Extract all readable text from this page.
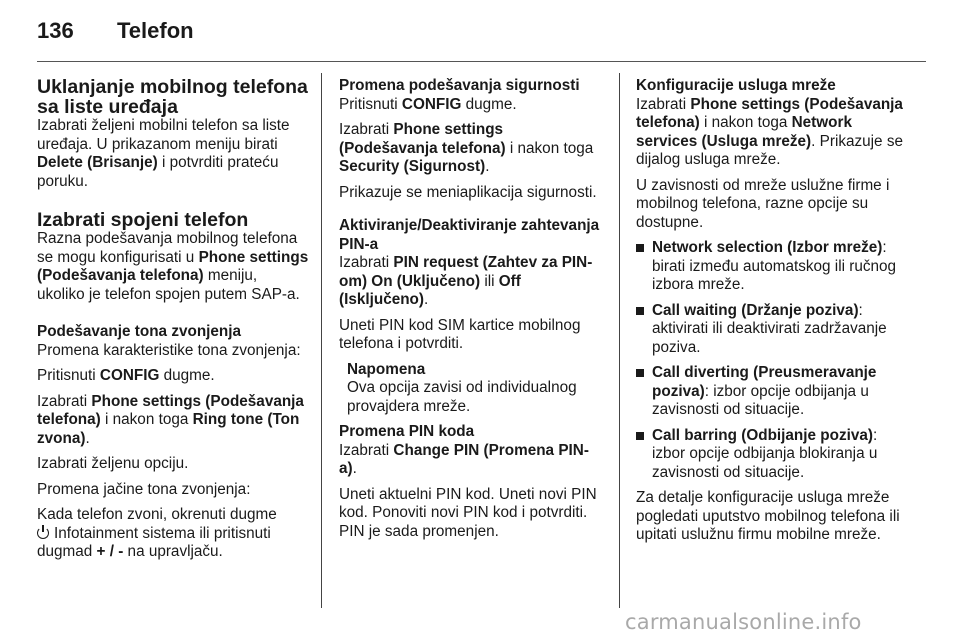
136 Telefon
Uklanjanje mobilnog telefona sa liste uređaja

Izabrati željeni mobilni telefon sa liste uređaja. U prikazanom meniju birati Delete (Brisanje) i potvrditi prateću poruku.

Izabrati spojeni telefon

Razna podešavanja mobilnog telefona se mogu konfigurisati u Phone settings (Podešavanja telefona) meniju, ukoliko je telefon spojen putem SAP-a.

Podešavanje tona zvonjenja

Promena karakteristike tona zvonjenja:

Pritisnuti CONFIG dugme.

Izabrati Phone settings (Podešavanja telefona) i nakon toga Ring tone (Ton zvona).

Izabrati željenu opciju.

Promena jačine tona zvonjenja:

Kada telefon zvoni, okrenuti dugme
Infotainment sistema ili pritisnuti dugmad + / - na upravljaču.

Promena podešavanja sigurnosti

Pritisnuti CONFIG dugme.

Izabrati Phone settings (Podešavanja telefona) i nakon toga Security (Sigurnost).

Prikazuje se meniaplikacija sigurnosti.

Aktiviranje/Deaktiviranje zahtevanja PIN-a

Izabrati PIN request (Zahtev za PIN-om) On (Uključeno) ili Off (Isključeno).

Uneti PIN kod SIM kartice mobilnog telefona i potvrditi.

Napomena
Ova opcija zavisi od individualnog provajdera mreže.
Promena PIN koda

Izabrati Change PIN (Promena PIN-a).

Uneti aktuelni PIN kod. Uneti novi PIN kod. Ponoviti novi PIN kod i potvrditi. PIN je sada promenjen.

Konfiguracije usluga mreže

Izabrati Phone settings (Podešavanja telefona) i nakon toga Network services (Usluga mreže). Prikazuje se dijalog usluga mreže.

U zavisnosti od mreže uslužne firme i mobilnog telefona, razne opcije su dostupne.

Network selection (Izbor mreže): birati između automatskog ili ručnog izbora mreže.
Call waiting (Držanje poziva): aktivirati ili deaktivirati zadržavanje poziva.
Call diverting (Preusmeravanje poziva): izbor opcije odbijanja u zavisnosti od situacije.
Call barring (Odbijanje poziva): izbor opcije odbijanja blokiranja u zavisnosti od situacije.

Za detalje konfiguracije usluga mreže pogledati uputstvo mobilnog telefona ili upitati uslužnu firmu mobilne mreže.

carmanualsonline.info
